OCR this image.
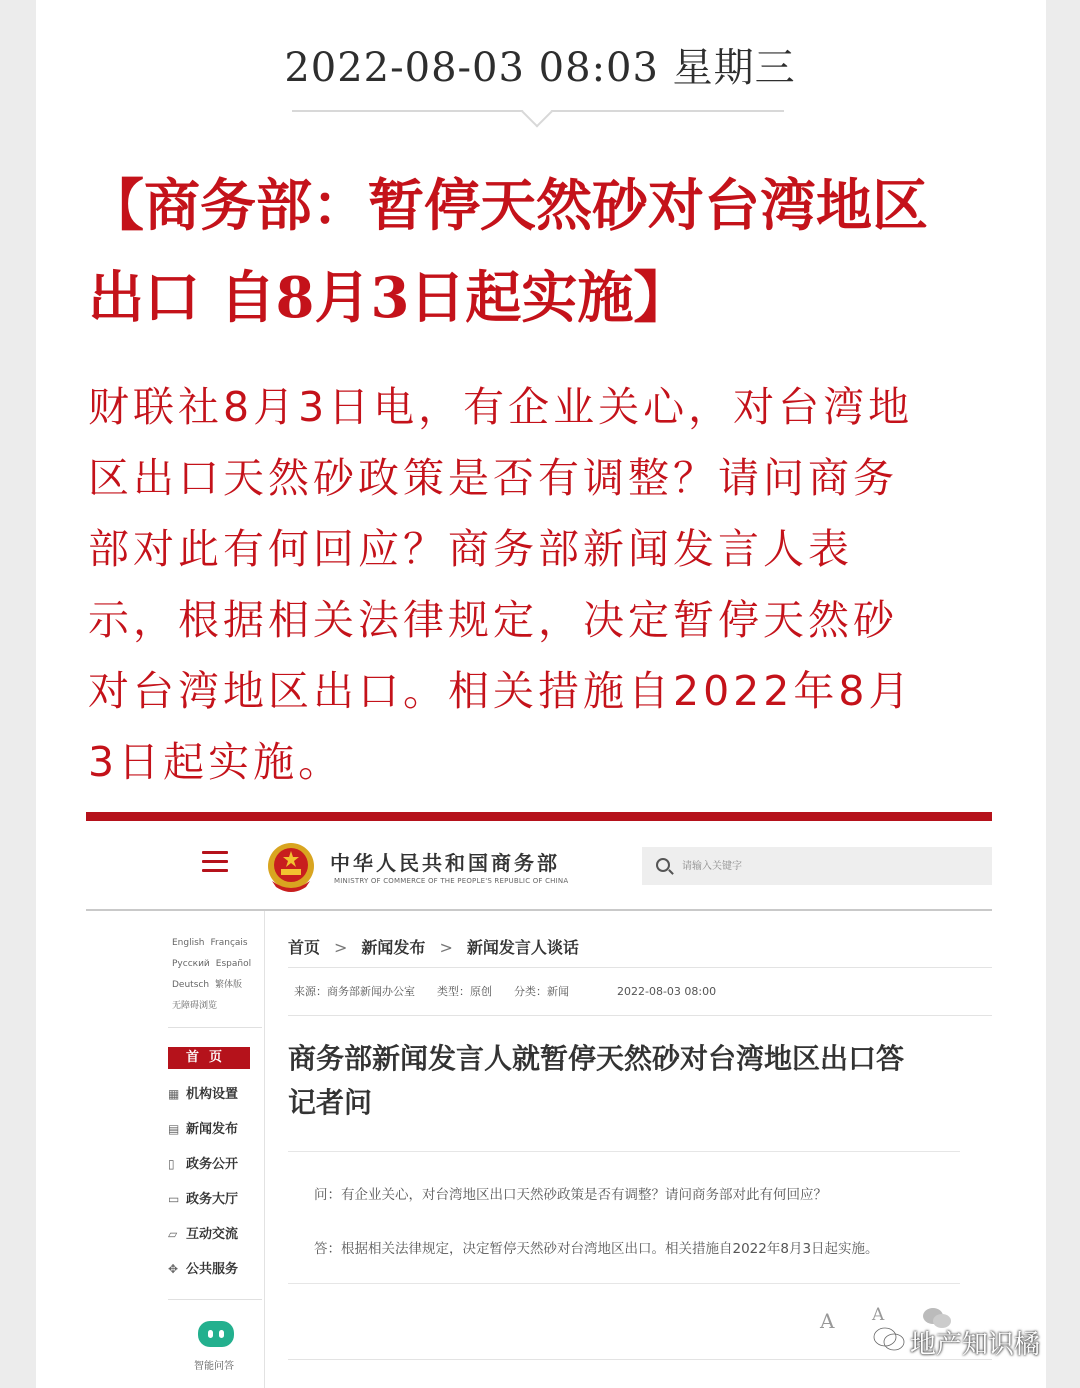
2022-08-03 08:03 星期三
【商务部：暂停天然砂对台湾地区
出口 自8月3日起实施】

财联社8月3日电，有企业关心，对台湾地
区出口天然砂政策是否有调整？请问商务
部对此有何回应？商务部新闻发言人表
示，根据相关法律规定，决定暂停天然砂
对台湾地区出口。相关措施自2022年8月
3日起实施。

中华人民共和国商务部
MINISTRY OF COMMERCE OF THE PEOPLE'S REPUBLIC OF CHINA
请输入关键字
English Français
Русский Español
Deutsch 繁体版
无障碍浏览
首页
▦ 机构设置
▤ 新闻发布
▯ 政务公开
▭ 政务大厅
▱ 互动交流
✥ 公共服务
智能问答
首页 > 新闻发布 > 新闻发言人谈话
来源：商务部新闻办公室 类型：原创 分类：新闻	2022-08-03 08:00
商务部新闻发言人就暂停天然砂对台湾地区出口答
记者问
问：有企业关心，对台湾地区出口天然砂政策是否有调整？请问商务部对此有何回应？
答：根据相关法律规定，决定暂停天然砂对台湾地区出口。相关措施自2022年8月3日起实施。
A A
地产知识橘
